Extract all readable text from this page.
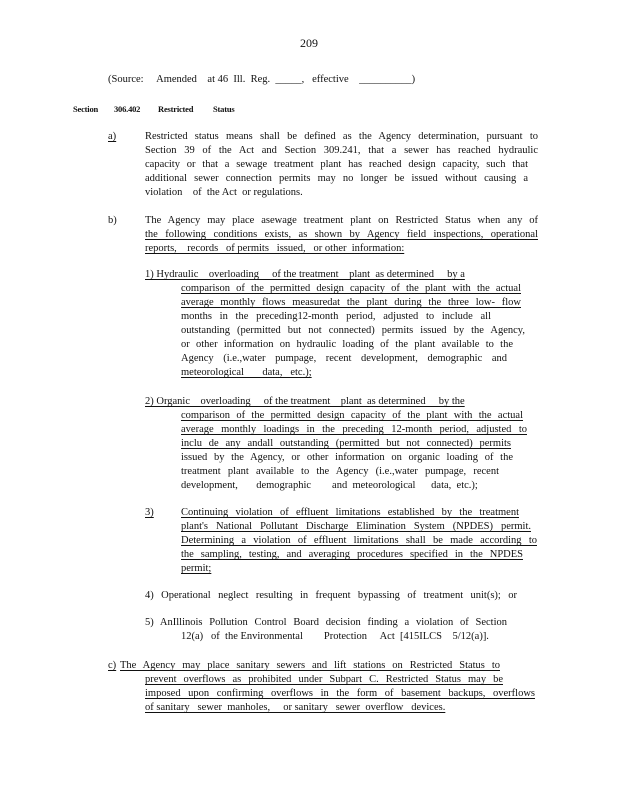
209
(Source:     Amended    at 46  Ill.  Reg.  _____,   effective    __________)
Section 306.402 Restricted Status
a)	Restricted status means shall be defined as the Agency determination, pursuant to
Section 39 of the Act and Section 309.241, that a sewer has reached hydraulic
capacity or that a sewage treatment plant has reached design capacity, such that
additional sewer connection permits may no longer be issued without causing a
violation    of  the Act  or regulations.
b)	The Agency may place asewage treatment plant on Restricted Status when any of
the following conditions exists, as shown by Agency field inspections, operational
reports,    records   of permits   issued,   or other  information:
1) Hydraulic    overloading     of the treatment    plant  as determined     by a
comparison of the permitted design capacity of the plant with the actual
average monthly flows measuredat the plant during the three low- flow
months in the preceding12-month period, adjusted to include all
outstanding (permitted but not connected) permits issued by the Agency,
or other information on hydraulic loading of the plant available to the
Agency (i.e.,water pumpage, recent development, demographic and
meteorological       data,   etc.);
2) Organic    overloading     of the treatment    plant  as determined     by the
comparison of the permitted design capacity of the plant with the actual
average monthly loadings in the preceding 12-month period, adjusted to
inclu de any andall outstanding (permitted but not connected) permits
issued by the Agency, or other information on organic loading of the
treatment plant available to the Agency (i.e.,water pumpage, recent
development,       demographic        and  meteorological      data,  etc.);
3)	Continuing violation of effluent limitations established by the treatment
plant's National Pollutant Discharge Elimination System (NPDES) permit.
Determining a violation of effluent limitations shall be made according to
the sampling, testing, and averaging procedures specified in the NPDES
permit;
4) Operational neglect resulting in frequent bypassing of treatment unit(s); or
5) AnIllinois Pollution Control Board decision finding a violation of Section
12(a)   of  the Environmental        Protection     Act  [415ILCS    5/12(a)].
c) The Agency may place sanitary sewers and lift stations on Restricted Status to
prevent overflows as prohibited under Subpart C. Restricted Status may be
imposed upon confirming overflows in the form of basement backups, overflows
of sanitary   sewer  manholes,     or sanitary   sewer  overflow   devices.
